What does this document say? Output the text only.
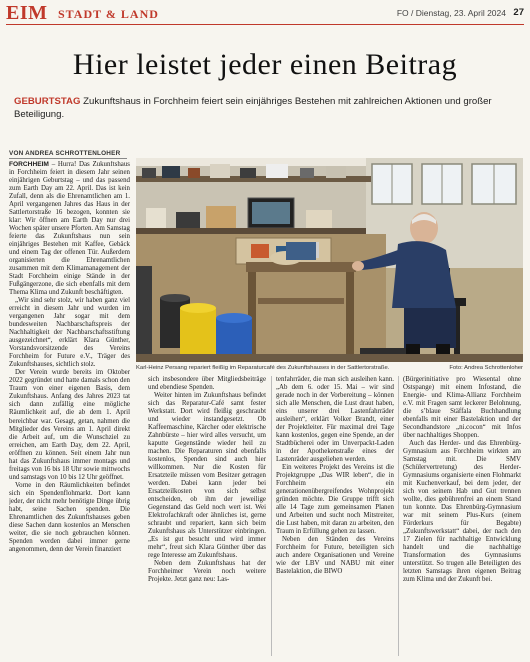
EIM STADT & LAND	FO / Dienstag, 23. April 2024 27
Hier leistet jeder einen Beitrag
GEBURTSTAG Zukunftshaus in Forchheim feiert sein einjähriges Bestehen mit zahlreichen Aktionen und großer Beteiligung.
VON ANDREA SCHROTTENLOHER
Karl-Heinz Persang repariert fleißig im Reparaturcafé des Zukunftshauses in der Sattlertorstraße.	Foto: Andrea Schrottenloher

FORCHHEIM – Hurra! Das Zukunftshaus in Forchheim feiert in diesem Jahr seinen einjährigen Geburtstag – und das passend zum Earth Day am 22. April. Das ist kein Zufall, denn als die Ehrenamtlichen am 1. April vergangenen Jahres das Haus in der Sattlertorstraße 16 bezogen, konnten sie klar: Wir öffnen am Earth Day nur drei Wochen später unsere Pforten. Am Samstag feierte das Zukunftshaus nun sein einjähriges Bestehen mit Kaffee, Gebäck und einem Tag der offenen Tür. Außerdem organisierten die Ehrenamtlichen zusammen mit dem Klimamanagement der Stadt Forchheim einige Stände in der Fußgängerzone, die sich ebenfalls mit dem Thema Klima und Zukunft beschäftigten.

„Wir sind sehr stolz, wir haben ganz viel erreicht in diesem Jahr und wurden im vergangenen Jahr sogar mit dem bundesweiten Nachbarschaftspreis der Nachhaltigkeit der Nachbarschaftsstiftung ausgezeichnet“, erklärt Klara Günther, Vorstandsvorsitzende des Vereins Forchheim for Future e.V., Träger des Zukunftshauses, sichtlich stolz.

Der Verein wurde bereits im Oktober 2022 gegründet und hatte damals schon den Traum von einer eigenen Basis, dem Zukunftshaus. Anfang des Jahres 2023 tat sich dann zufällig eine mögliche Räumlichkeit auf, die ab dem 1. April bereichbar war. Gesagt, getan, nahmen die Mitglieder des Vereins am 1. April direkt die Arbeit auf, um die Wunschziel zu erreichen, am Earth Day, dem 22. April, eröffnen zu können. Seit einem Jahr nun hat das Zukunftshaus immer montags und freitags von 16 bis 18 Uhr sowie mittwochs und samstags von 10 bis 12 Uhr geöffnet.

Vorne in den Räumlichkeiten befindet sich ein Spendenflohmarkt. Dort kann jeder, der nicht mehr benötigte Dinge übrig habt, seine Sachen spenden. Die Ehrenamtlichen des Zukunftshauses geben diese Sachen dann kostenlos an Menschen weiter, die sie noch gebrauchen können. Spenden werden dabei immer gerne angenommen, denn der Verein finanziert

sich insbesondere über Mitgliedsbeiträge und ebendiese Spenden.

Weiter hinten im Zukunftshaus befindet sich das Reparatur-Café samt fester Werkstatt. Dort wird fleißig geschraubt und wieder instandgesetzt. Ob Kaffeemaschine, Kärcher oder elektrische Zahnbürste – hier wird alles versucht, um kaputte Gegenstände wieder heil zu machen. Die Reparaturen sind ebenfalls kostenlos, Spenden sind auch hier willkommen. Nur die Kosten für Ersatzteile müssen vom Besitzer getragen werden. Dabei kann jeder bei Ersatzteilkosten von sich selbst entscheiden, ob ihm der jeweilige Gegenstand das Geld noch wert ist. Wei Elektrofachkraft oder ähnliches ist, gerne schraubt und repariert, kann sich beim Zukunftshaus als Unterstützer einbringen. „Es ist gut besucht und wird immer mehr“, freut sich Klara Günther über das rege Interesse am Zukunftshaus.

Neben dem Zukunftshaus hat der Forchheimer Verein noch weitere Projekte. Jetzt ganz neu: Las-

tenfahrräder, die man sich ausleihen kann. „Ab dem 6. oder 15. Mai – wir sind gerade noch in der Vorbereitung – können sich alle Menschen, die Lust draut haben, eins unserer drei Lastenfahrräder ausleihen“, erklärt Volker Brandt, einer der Projektleiter. Für maximal drei Tage kann kostenlos, gegen eine Spende, an der Stadtbücherei oder im Unverpackt-Laden in der Apothekenstraße eines der Lastenräder ausgeliehen werden.

Ein weiteres Projekt des Vereins ist die Projektgruppe „Das WIR leben“, die in Forchheim ein generationenübergreifendes Wohnprojekt gründen möchte. Die Gruppe trifft sich alle 14 Tage zum gemeinsamen Planen und Arbeiten und sucht noch Mitstreiter, die Lust haben, mit daran zu arbeiten, den Traum in Erfüllung gehen zu lassen.

Neben den Ständen des Vereins Forchheim for Future, beteiligten sich auch andere Organisationen und Vereine wie der LBV und NABU mit einer Bastelaktion, die BIWO

(Bürgerinitiative pro Wiesental ohne Ostspange) mit einem Infostand, die Energie- und Klima-Allianz Forchheim e.V. mit Fragen samt leckerer Belohnung, die s’blaue Stäffala Buchhandlung ebenfalls mit einer Bastelaktion und der Secondhandstore „ni.cocon“ mit Infos über nachhaltiges Shoppen.

Auch das Herder- und das Ehrenbürg-Gymnasium aus Forchheim wirkten am Samstag mit. Die SMV (Schülervertretung) des Herder-Gymnasiums organisierte einen Flohmarkt mit Kuchenverkauf, bei dem jeder, der sich von seinem Hab und Gut trennen wollte, dies gebührenfrei an einem Stand tun konnte. Das Ehrenbürg-Gymnasium war mit seinem Plus-Kurs (einem Förderkurs für Begabte) „Zukunftswerkstatt“ dabei, der nach den 17 Zielen für nachhaltige Entwicklung handelt und die nachhaltige Transformation des Gymnasiums unterstützt. So trugen alle Beteiligten des letzten Samstags ihren eigenen Beitrag zum Klima und der Zukunft bei.
